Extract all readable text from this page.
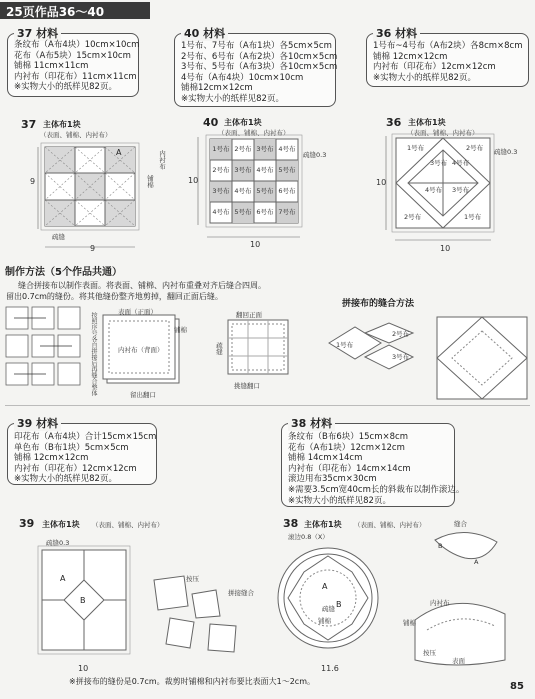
25页作品36～40
37 材料
条纹布（A布4块）10cm×10cm
花布（A布5块）15cm×10cm
铺棉 11cm×11cm
内衬布（印花布）11cm×11cm
※实物大小的纸样见82页。
40 材料
1号布、7号布（A布1块）各5cm×5cm
2号布、6号布（A布2块）各10cm×5cm
3号布、5号布（A布3块）各10cm×5cm
4号布（A布4块）10cm×10cm
铺棉12cm×12cm
※实物大小的纸样见82页。
36 材料
1号布~4号布（A布2块）各8cm×8cm
铺棉 12cm×12cm
内衬布（印花布）12cm×12cm
※实物大小的纸样见82页。
37 主体布1块
（表面、铺棉、内衬布）
A	内衬布
铺棉
疏缝
9
9
40 主体布1块
（表面、铺棉、内衬布）
1号布 2号布 3号布 4号布
2号布 3号布 4号布 5号布
3号布 4号布 5号布 6号布
4号布 5号布 6号布 7号布
疏缝0.3
10
10
36 主体布1块
（表面、铺棉、内衬布）
1号布
3号布 4号布
2号布
3号布
4号布
2号布	1号布
疏缝0.3
10
10
制作方法（5个作品共通）
缝合拼接布以制作表面。将表面、铺棉、内衬布重叠对齐后缝合四周。
留出0.7cm的缝份。将其他缝份整齐地剪掉，翻回正面后缝。
按照序号各自拼接后再缝合整体	表面（正面）
铺棉
内衬布（背面）
留出翻口
翻回正面
疏缝
挑缝翻口
拼接布的缝合方法
1号布
2号布
3号布
39 材料
印花布（A布4块）合计15cm×15cm
单色布（B布1块）5cm×5cm
铺棉 12cm×12cm
内衬布（印花布）12cm×12cm
※实物大小的纸样见82页。
38 材料
条纹布（B布6块）15cm×8cm
花布（A布1块）12cm×12cm
铺棉 14cm×14cm
内衬布（印花布）14cm×14cm
滚边用布35cm×30cm
※需要3.5cm宽40cm长的斜裁布以制作滚边。
※实物大小的纸样见82页。
39 主体布1块 （表面、铺棉、内衬布）
疏缝0.3
A
B
10
按压
拼接缝合
38 主体布1块 （表面、铺棉、内衬布）
滚边0.8（X）
A
B
疏缝
铺棉
11.6
缝合
B
A
内衬布
铺棉
按压
表面
※拼接布的缝份是0.7cm。裁剪时铺棉和内衬布要比表面大1～2cm。	85
